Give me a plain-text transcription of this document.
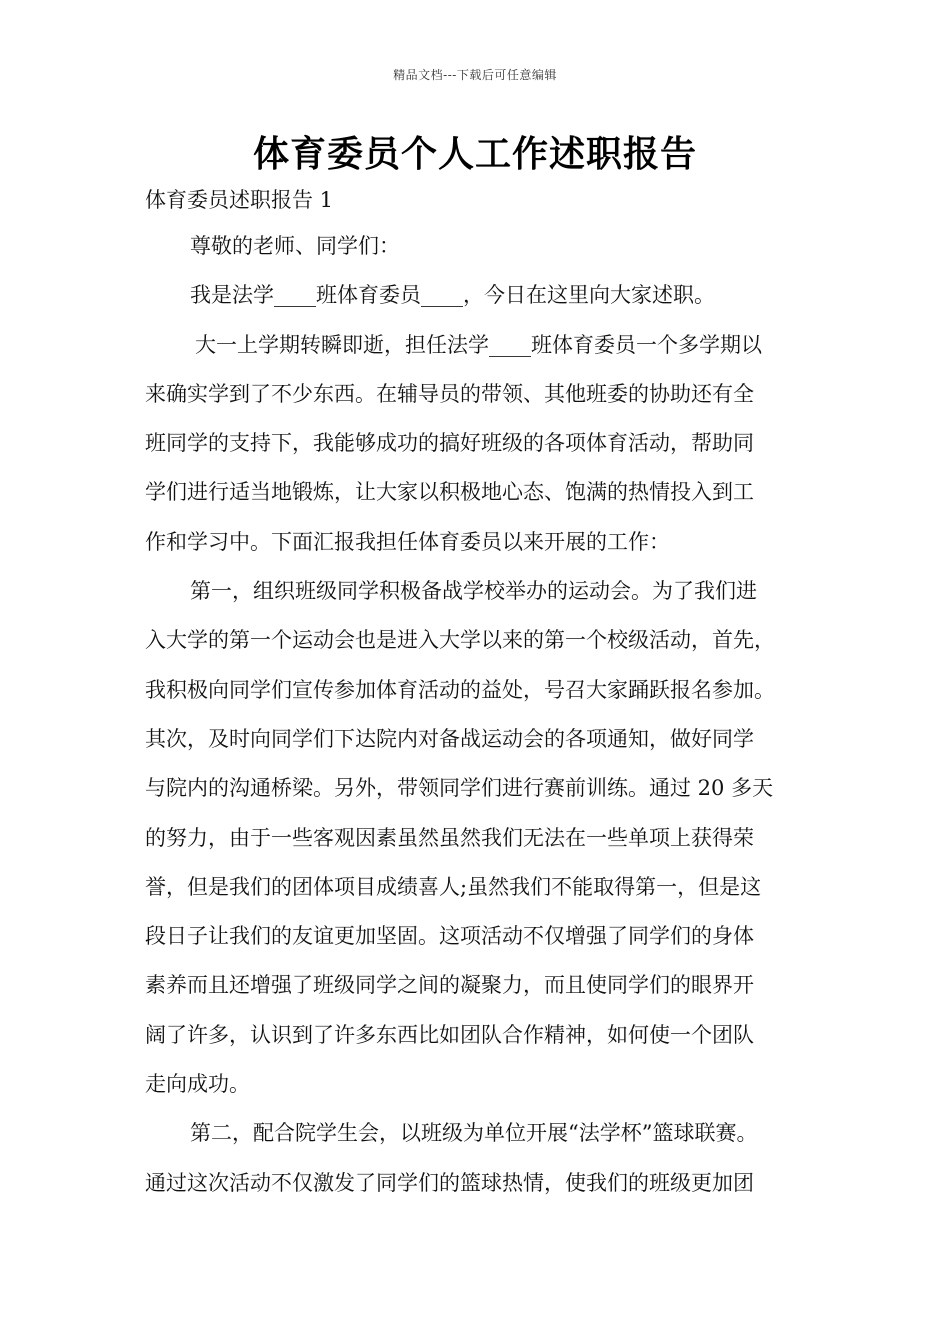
精品文档---下载后可任意编辑
体育委员个人工作述职报告
体育委员述职报告 1
尊敬的老师、同学们：
我是法学____班体育委员____，今日在这里向大家述职。
大一上学期转瞬即逝，担任法学____班体育委员一个多学期以
来确实学到了不少东西。在辅导员的带领、其他班委的协助还有全
班同学的支持下，我能够成功的搞好班级的各项体育活动，帮助同
学们进行适当地锻炼，让大家以积极地心态、饱满的热情投入到工
作和学习中。下面汇报我担任体育委员以来开展的工作：
第一，组织班级同学积极备战学校举办的运动会。为了我们进
入大学的第一个运动会也是进入大学以来的第一个校级活动，首先，
我积极向同学们宣传参加体育活动的益处，号召大家踊跃报名参加。
其次，及时向同学们下达院内对备战运动会的各项通知，做好同学
与院内的沟通桥梁。另外，带领同学们进行赛前训练。通过 20 多天
的努力，由于一些客观因素虽然虽然我们无法在一些单项上获得荣
誉，但是我们的团体项目成绩喜人;虽然我们不能取得第一，但是这
段日子让我们的友谊更加坚固。这项活动不仅增强了同学们的身体
素养而且还增强了班级同学之间的凝聚力，而且使同学们的眼界开
阔了许多，认识到了许多东西比如团队合作精神，如何使一个团队
走向成功。
第二，配合院学生会，以班级为单位开展“法学杯”篮球联赛。
通过这次活动不仅激发了同学们的篮球热情，使我们的班级更加团
